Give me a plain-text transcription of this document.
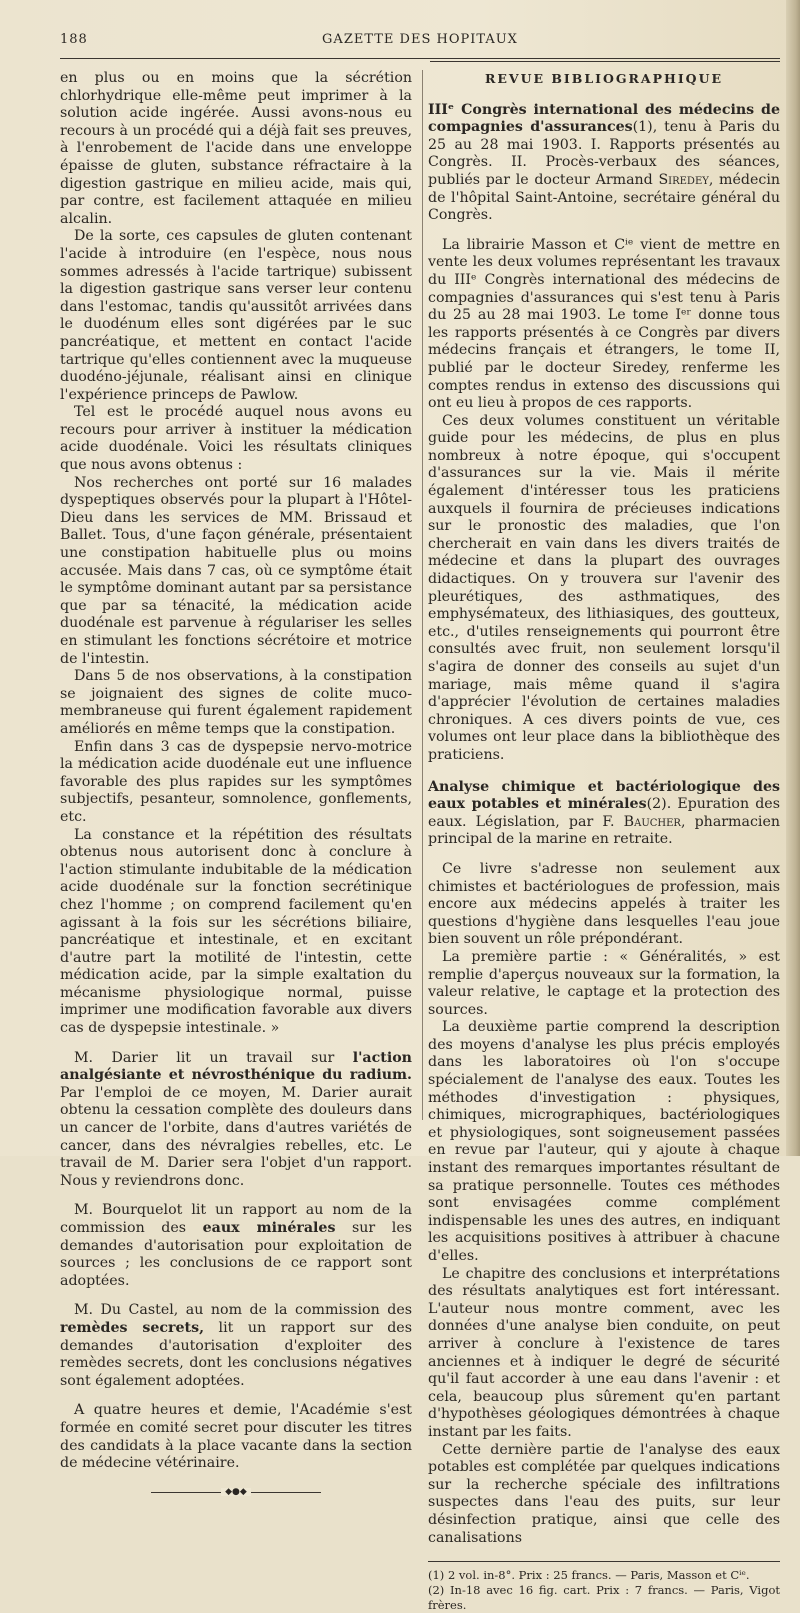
188	GAZETTE DES HOPITAUX

en plus ou en moins que la sécrétion chlorhydrique elle-même peut imprimer à la solution acide ingérée. Aussi avons-nous eu recours à un procédé qui a déjà fait ses preuves, à l'enrobement de l'acide dans une enveloppe épaisse de gluten, substance réfractaire à la digestion gastrique en milieu acide, mais qui, par contre, est facilement attaquée en milieu alcalin.

De la sorte, ces capsules de gluten contenant l'acide à introduire (en l'espèce, nous nous sommes adressés à l'acide tartrique) subissent la digestion gastrique sans verser leur contenu dans l'estomac, tandis qu'aussitôt arrivées dans le duodénum elles sont digérées par le suc pancréatique, et mettent en contact l'acide tartrique qu'elles contiennent avec la muqueuse duodéno-jéjunale, réalisant ainsi en clinique l'expérience princeps de Pawlow.

Tel est le procédé auquel nous avons eu recours pour arriver à instituer la médication acide duodénale. Voici les résultats cliniques que nous avons obtenus :

Nos recherches ont porté sur 16 malades dyspeptiques observés pour la plupart à l'Hôtel-Dieu dans les services de MM. Brissaud et Ballet. Tous, d'une façon générale, présentaient une constipation habituelle plus ou moins accusée. Mais dans 7 cas, où ce symptôme était le symptôme dominant autant par sa persistance que par sa ténacité, la médication acide duodénale est parvenue à régulariser les selles en stimulant les fonctions sécrétoire et motrice de l'intestin.

Dans 5 de nos observations, à la constipation se joignaient des signes de colite muco-membraneuse qui furent également rapidement améliorés en même temps que la constipation.

Enfin dans 3 cas de dyspepsie nervo-motrice la médication acide duodénale eut une influence favorable des plus rapides sur les symptômes subjectifs, pesanteur, somnolence, gonflements, etc.

La constance et la répétition des résultats obtenus nous autorisent donc à conclure à l'action stimulante indubitable de la médication acide duodénale sur la fonction secrétinique chez l'homme ; on comprend facilement qu'en agissant à la fois sur les sécrétions biliaire, pancréatique et intestinale, et en excitant d'autre part la motilité de l'intestin, cette médication acide, par la simple exaltation du mécanisme physiologique normal, puisse imprimer une modification favorable aux divers cas de dyspepsie intestinale. »

M. Darier lit un travail sur l'action analgésiante et névrosthénique du radium. Par l'emploi de ce moyen, M. Darier aurait obtenu la cessation complète des douleurs dans un cancer de l'orbite, dans d'autres variétés de cancer, dans des névralgies rebelles, etc. Le travail de M. Darier sera l'objet d'un rapport. Nous y reviendrons donc.

M. Bourquelot lit un rapport au nom de la commission des eaux minérales sur les demandes d'autorisation pour exploitation de sources ; les conclusions de ce rapport sont adoptées.

M. Du Castel, au nom de la commission des remèdes secrets, lit un rapport sur des demandes d'autorisation d'exploiter des remèdes secrets, dont les conclusions négatives sont également adoptées.

A quatre heures et demie, l'Académie s'est formée en comité secret pour discuter les titres des candidats à la place vacante dans la section de médecine vétérinaire.

◆●◆
REVUE BIBLIOGRAPHIQUE

IIIᵉ Congrès international des médecins de compagnies d'assurances(1), tenu à Paris du 25 au 28 mai 1903. I. Rapports présentés au Congrès. II. Procès-verbaux des séances, publiés par le docteur Armand Siredey, médecin de l'hôpital Saint-Antoine, secrétaire général du Congrès.

La librairie Masson et Cⁱᵉ vient de mettre en vente les deux volumes représentant les travaux du IIIᵉ Congrès international des médecins de compagnies d'assurances qui s'est tenu à Paris du 25 au 28 mai 1903. Le tome Iᵉʳ donne tous les rapports présentés à ce Congrès par divers médecins français et étrangers, le tome II, publié par le docteur Siredey, renferme les comptes rendus in extenso des discussions qui ont eu lieu à propos de ces rapports.

Ces deux volumes constituent un véritable guide pour les médecins, de plus en plus nombreux à notre époque, qui s'occupent d'assurances sur la vie. Mais il mérite également d'intéresser tous les praticiens auxquels il fournira de précieuses indications sur le pronostic des maladies, que l'on chercherait en vain dans les divers traités de médecine et dans la plupart des ouvrages didactiques. On y trouvera sur l'avenir des pleurétiques, des asthmatiques, des emphysémateux, des lithiasiques, des goutteux, etc., d'utiles renseignements qui pourront être consultés avec fruit, non seulement lorsqu'il s'agira de donner des conseils au sujet d'un mariage, mais même quand il s'agira d'apprécier l'évolution de certaines maladies chroniques. A ces divers points de vue, ces volumes ont leur place dans la bibliothèque des praticiens.

Analyse chimique et bactériologique des eaux potables et minérales(2). Epuration des eaux. Législation, par F. Baucher, pharmacien principal de la marine en retraite.

Ce livre s'adresse non seulement aux chimistes et bactériologues de profession, mais encore aux médecins appelés à traiter les questions d'hygiène dans lesquelles l'eau joue bien souvent un rôle prépondérant.

La première partie : « Généralités, » est remplie d'aperçus nouveaux sur la formation, la valeur relative, le captage et la protection des sources.

La deuxième partie comprend la description des moyens d'analyse les plus précis employés dans les laboratoires où l'on s'occupe spécialement de l'analyse des eaux. Toutes les méthodes d'investigation : physiques, chimiques, micrographiques, bactériologiques et physiologiques, sont soigneusement passées en revue par l'auteur, qui y ajoute à chaque instant des remarques importantes résultant de sa pratique personnelle. Toutes ces méthodes sont envisagées comme complément indispensable les unes des autres, en indiquant les acquisitions positives à attribuer à chacune d'elles.

Le chapitre des conclusions et interprétations des résultats analytiques est fort intéressant. L'auteur nous montre comment, avec les données d'une analyse bien conduite, on peut arriver à conclure à l'existence de tares anciennes et à indiquer le degré de sécurité qu'il faut accorder à une eau dans l'avenir : et cela, beaucoup plus sûrement qu'en partant d'hypothèses géologiques démontrées à chaque instant par les faits.

Cette dernière partie de l'analyse des eaux potables est complétée par quelques indications sur la recherche spéciale des infiltrations suspectes dans l'eau des puits, sur leur désinfection pratique, ainsi que celle des canalisations

(1) 2 vol. in-8°. Prix : 25 francs. — Paris, Masson et Cⁱᵉ.
(2) In-18 avec 16 fig. cart. Prix : 7 francs. — Paris, Vigot frères.
